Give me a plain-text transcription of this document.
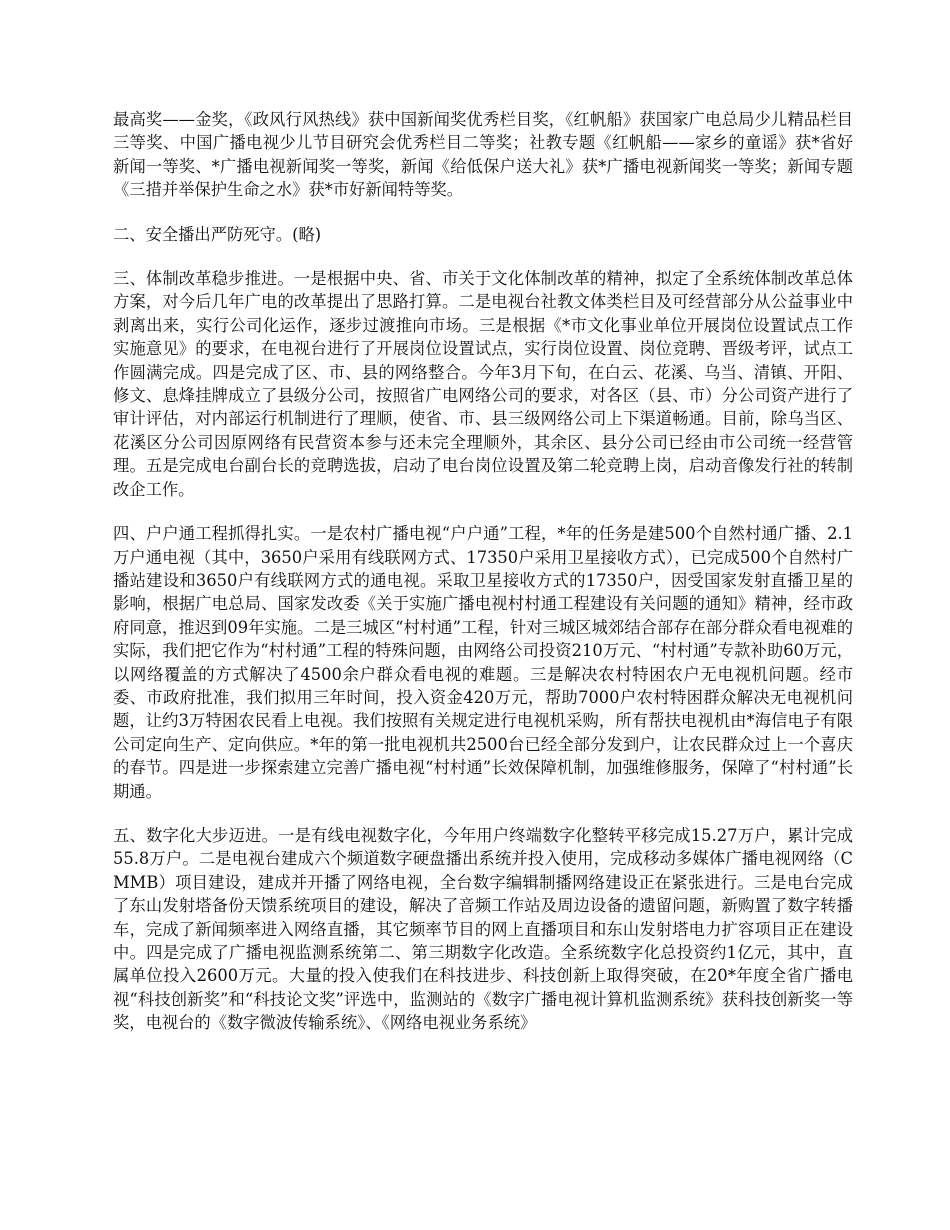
最高奖——金奖，《政风行风热线》获中国新闻奖优秀栏目奖，《红帆船》获国家广电总局少儿精品栏目三等奖、中国广播电视少儿节目研究会优秀栏目二等奖；社教专题《红帆船——家乡的童谣》获*省好新闻一等奖、*广播电视新闻奖一等奖，新闻《给低保户送大礼》获*广播电视新闻奖一等奖；新闻专题《三措并举保护生命之水》获*市好新闻特等奖。

二、安全播出严防死守。(略)

三、体制改革稳步推进。一是根据中央、省、市关于文化体制改革的精神，拟定了全系统体制改革总体方案，对今后几年广电的改革提出了思路打算。二是电视台社教文体类栏目及可经营部分从公益事业中剥离出来，实行公司化运作，逐步过渡推向市场。三是根据《*市文化事业单位开展岗位设置试点工作实施意见》的要求，在电视台进行了开展岗位设置试点，实行岗位设置、岗位竞聘、晋级考评，试点工作圆满完成。四是完成了区、市、县的网络整合。今年3月下旬，在白云、花溪、乌当、清镇、开阳、修文、息烽挂牌成立了县级分公司，按照省广电网络公司的要求，对各区（县、市）分公司资产进行了审计评估，对内部运行机制进行了理顺，使省、市、县三级网络公司上下渠道畅通。目前，除乌当区、花溪区分公司因原网络有民营资本参与还未完全理顺外，其余区、县分公司已经由市公司统一经营管理。五是完成电台副台长的竞聘选拔，启动了电台岗位设置及第二轮竞聘上岗，启动音像发行社的转制改企工作。

四、户户通工程抓得扎实。一是农村广播电视“户户通”工程，*年的任务是建500个自然村通广播、2.1万户通电视（其中，3650户采用有线联网方式、17350户采用卫星接收方式），已完成500个自然村广播站建设和3650户有线联网方式的通电视。采取卫星接收方式的17350户，因受国家发射直播卫星的影响，根据广电总局、国家发改委《关于实施广播电视村村通工程建设有关问题的通知》精神，经市政府同意，推迟到09年实施。二是三城区“村村通”工程，针对三城区城郊结合部存在部分群众看电视难的实际，我们把它作为“村村通”工程的特殊问题，由网络公司投资210万元、“村村通”专款补助60万元，以网络覆盖的方式解决了4500余户群众看电视的难题。三是解决农村特困农户无电视机问题。经市委、市政府批准，我们拟用三年时间，投入资金420万元，帮助7000户农村特困群众解决无电视机问题，让约3万特困农民看上电视。我们按照有关规定进行电视机采购，所有帮扶电视机由*海信电子有限公司定向生产、定向供应。*年的第一批电视机共2500台已经全部分发到户，让农民群众过上一个喜庆的春节。四是进一步探索建立完善广播电视“村村通”长效保障机制，加强维修服务，保障了“村村通”长期通。

五、数字化大步迈进。一是有线电视数字化，今年用户终端数字化整转平移完成15.27万户，累计完成55.8万户。二是电视台建成六个频道数字硬盘播出系统并投入使用，完成移动多媒体广播电视网络（CMMB）项目建设，建成并开播了网络电视，全台数字编辑制播网络建设正在紧张进行。三是电台完成了东山发射塔备份天馈系统项目的建设，解决了音频工作站及周边设备的遗留问题，新购置了数字转播车，完成了新闻频率进入网络直播，其它频率节目的网上直播项目和东山发射塔电力扩容项目正在建设中。四是完成了广播电视监测系统第二、第三期数字化改造。全系统数字化总投资约1亿元，其中，直属单位投入2600万元。大量的投入使我们在科技进步、科技创新上取得突破，在20*年度全省广播电视“科技创新奖”和“科技论文奖”评选中，监测站的《数字广播电视计算机监测系统》获科技创新奖一等奖，电视台的《数字微波传输系统》、《网络电视业务系统》
